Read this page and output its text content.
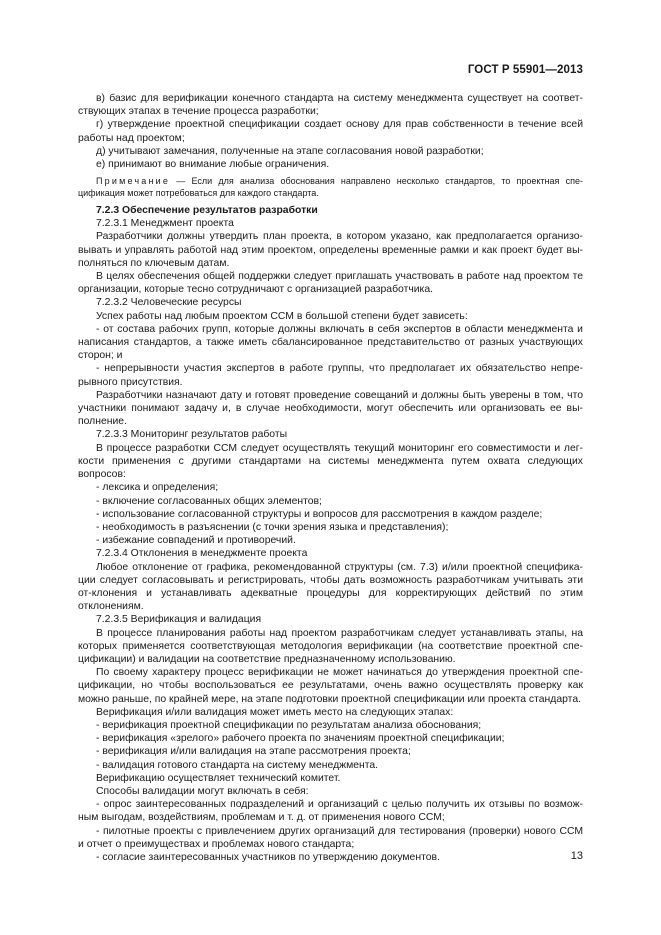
ГОСТ Р 55901—2013

в) базис для верификации конечного стандарта на систему менеджмента существует на соответ-ствующих этапах в течение процесса разработки;

г) утверждение проектной спецификации создает основу для прав собственности в течение всей работы над проектом;

д) учитывают замечания, полученные на этапе согласования новой разработки;

е) принимают во внимание любые ограничения.

Примечание — Если для анализа обоснования направлено несколько стандартов, то проектная спе-цификация может потребоваться для каждого стандарта.

7.2.3 Обеспечение результатов разработки

7.2.3.1 Менеджмент проекта

Разработчики должны утвердить план проекта, в котором указано, как предполагается организо-вывать и управлять работой над этим проектом, определены временные рамки и как проект будет вы-полняться по ключевым датам.

В целях обеспечения общей поддержки следует приглашать участвовать в работе над проектом те организации, которые тесно сотрудничают с организацией разработчика.

7.2.3.2 Человеческие ресурсы

Успех работы над любым проектом ССМ в большой степени будет зависеть:

- от состава рабочих групп, которые должны включать в себя экспертов в области менеджмента и написания стандартов, а также иметь сбалансированное представительство от разных участвующих сторон; и

- непрерывности участия экспертов в работе группы, что предполагает их обязательство непре-рывного присутствия.

Разработчики назначают дату и готовят проведение совещаний и должны быть уверены в том, что участники понимают задачу и, в случае необходимости, могут обеспечить или организовать ее вы-полнение.

7.2.3.3 Мониторинг результатов работы

В процессе разработки ССМ следует осуществлять текущий мониторинг его совместимости и лег-кости применения с другими стандартами на системы менеджмента путем охвата следующих вопросов:

- лексика и определения;

- включение согласованных общих элементов;

- использование согласованной структуры и вопросов для рассмотрения в каждом разделе;

- необходимость в разъяснении (с точки зрения языка и представления);

- избежание совпадений и противоречий.

7.2.3.4 Отклонения в менеджменте проекта

Любое отклонение от графика, рекомендованной структуры (см. 7.3) и/или проектной специфика-ции следует согласовывать и регистрировать, чтобы дать возможность разработчикам учитывать эти от-клонения и устанавливать адекватные процедуры для корректирующих действий по этим отклонениям.

7.2.3.5 Верификация и валидация

В процессе планирования работы над проектом разработчикам следует устанавливать этапы, на которых применяется соответствующая методология верификации (на соответствие проектной спе-цификации) и валидации на соответствие предназначенному использованию.

По своему характеру процесс верификации не может начинаться до утверждения проектной спе-цификации, но чтобы воспользоваться ее результатами, очень важно осуществлять проверку как можно раньше, по крайней мере, на этапе подготовки проектной спецификации или проекта стандарта.

Верификация и/или валидация может иметь место на следующих этапах:

- верификация проектной спецификации по результатам анализа обоснования;

- верификация «зрелого» рабочего проекта по значениям проектной спецификации;

- верификация и/или валидация на этапе рассмотрения проекта;

- валидация готового стандарта на систему менеджмента.

Верификацию осуществляет технический комитет.

Способы валидации могут включать в себя:

- опрос заинтересованных подразделений и организаций с целью получить их отзывы по возмож-ным выгодам, воздействиям, проблемам и т. д. от применения нового ССМ;

- пилотные проекты с привлечением других организаций для тестирования (проверки) нового ССМ и отчет о преимуществах и проблемах нового стандарта;

- согласие заинтересованных участников по утверждению документов.	13
